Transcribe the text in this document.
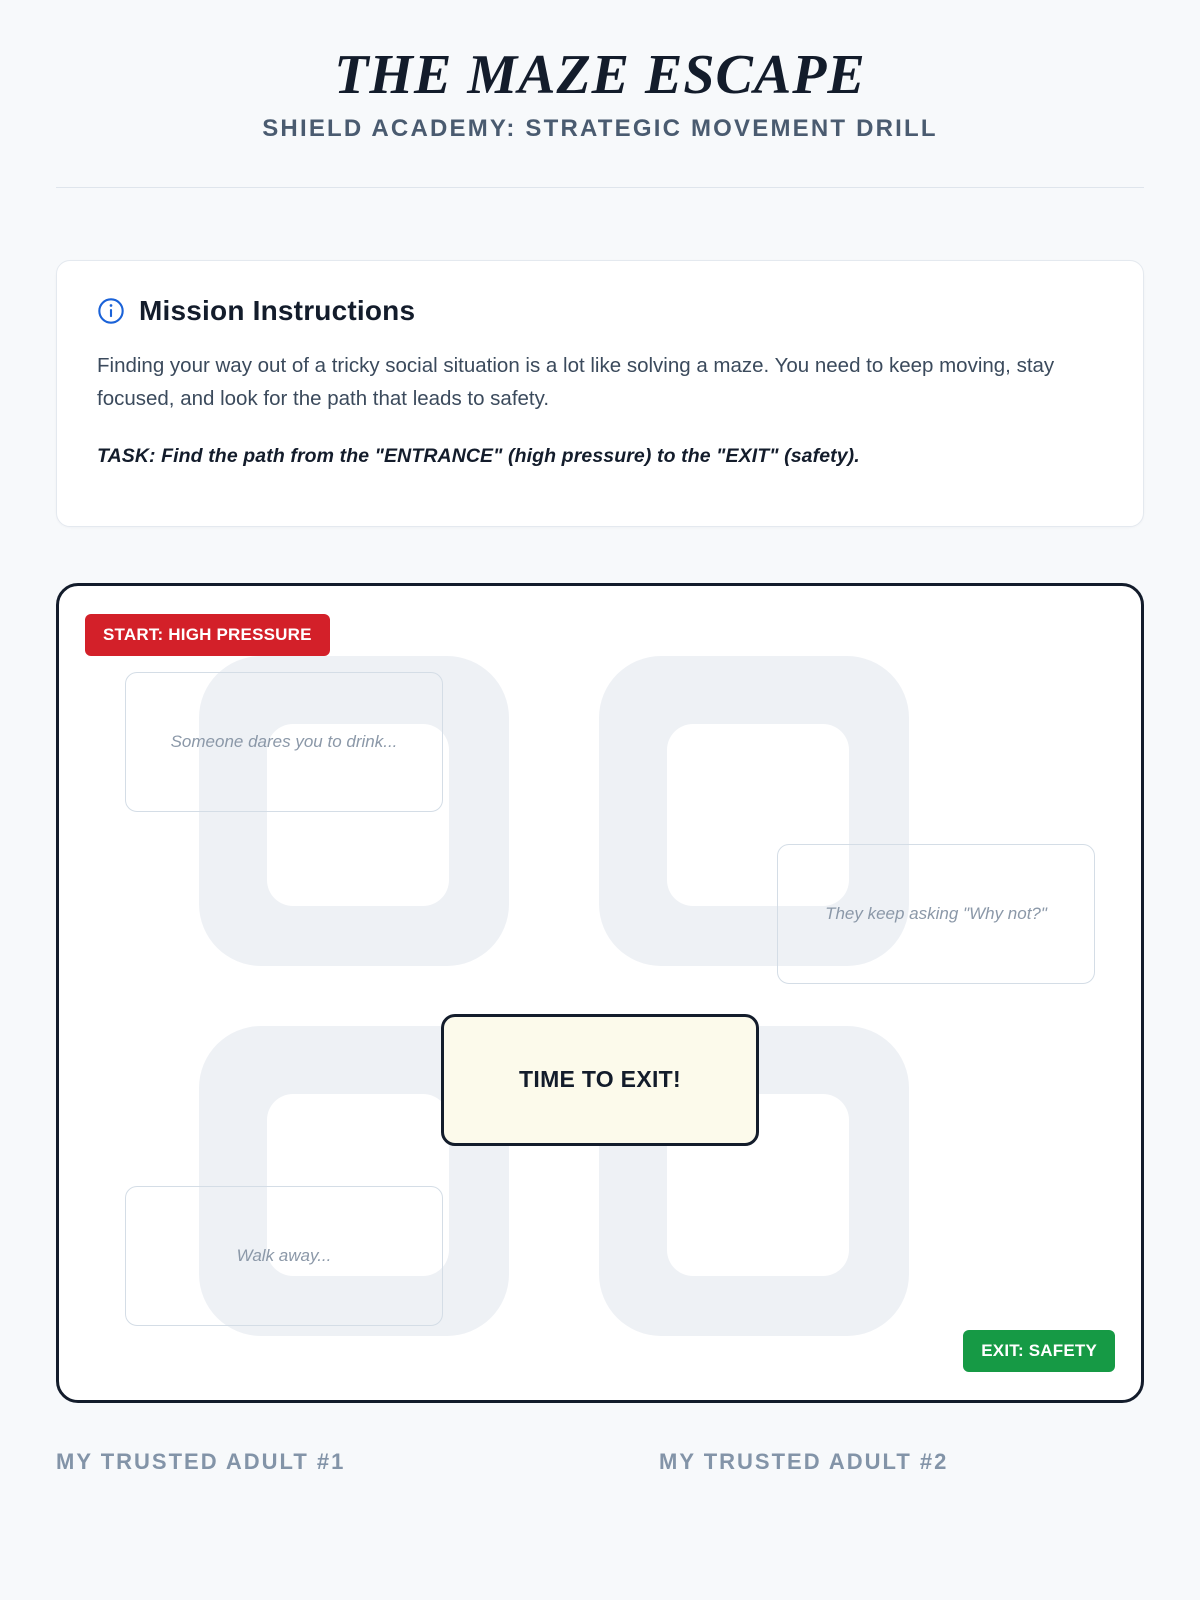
THE MAZE ESCAPE
SHIELD ACADEMY: STRATEGIC MOVEMENT DRILL
Mission Instructions

Finding your way out of a tricky social situation is a lot like solving a maze. You need to keep moving, stay focused, and look for the path that leads to safety.

TASK: Find the path from the "ENTRANCE" (high pressure) to the "EXIT" (safety).

START: HIGH PRESSURE
EXIT: SAFETY
Someone dares you to drink...
They keep asking "Why not?"
Walk away...
TIME TO EXIT!
MY TRUSTED ADULT #1	MY TRUSTED ADULT #2
